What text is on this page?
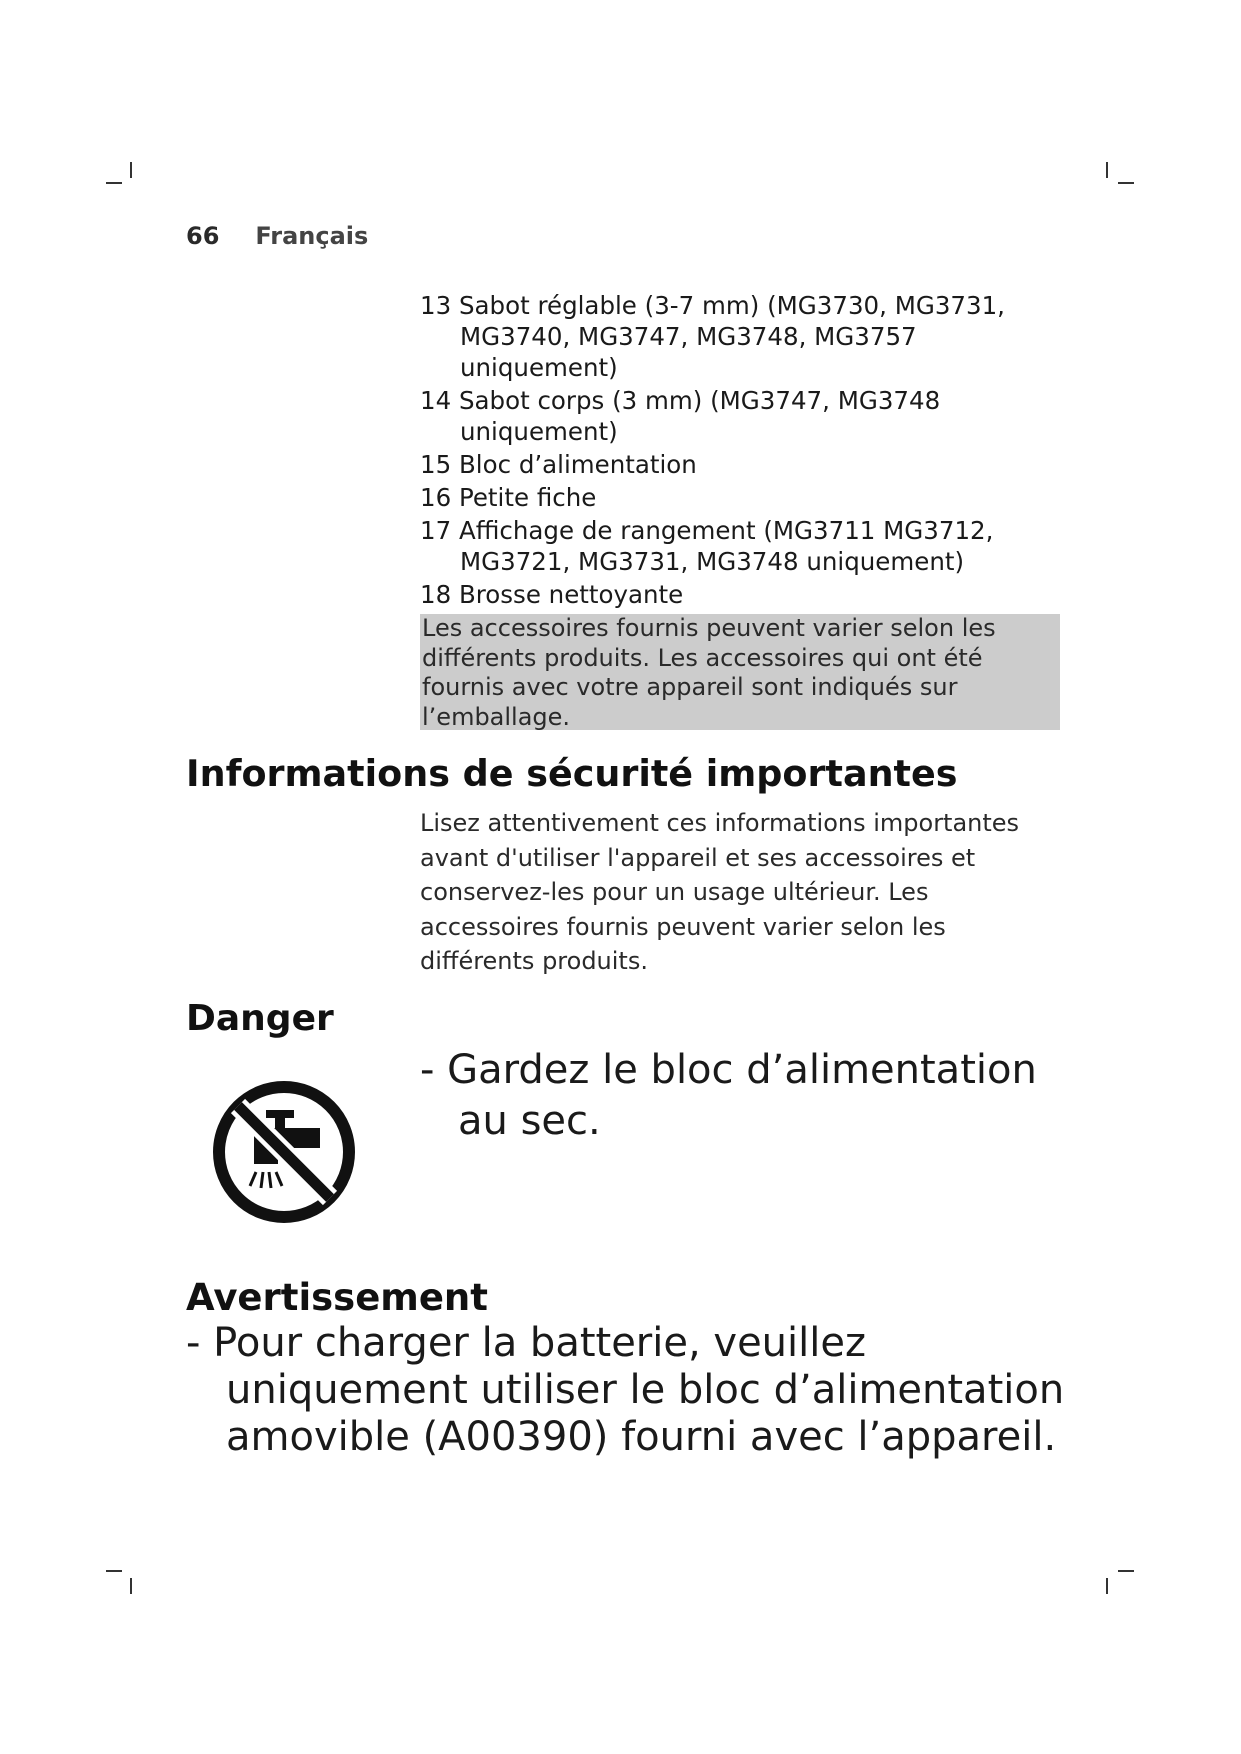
66 Français
13 Sabot réglable (3-7 mm) (MG3730, MG3731, MG3740, MG3747, MG3748, MG3757 uniquement)
14 Sabot corps (3 mm) (MG3747, MG3748 uniquement)
15 Bloc d’alimentation
16 Petite fiche
17 Affichage de rangement (MG3711 MG3712, MG3721, MG3731, MG3748 uniquement)
18 Brosse nettoyante
Les accessoires fournis peuvent varier selon les différents produits. Les accessoires qui ont été fournis avec votre appareil sont indiqués sur l’emballage.
Informations de sécurité importantes

Lisez attentivement ces informations importantes avant d'utiliser l'appareil et ses accessoires et conservez-les pour un usage ultérieur. Les accessoires fournis peuvent varier selon les différents produits.

Danger
- Gardez le bloc d’alimentation
au sec.
Avertissement
- Pour charger la batterie, veuillez
uniquement utiliser le bloc d’alimentation
amovible (A00390) fourni avec l’appareil.
